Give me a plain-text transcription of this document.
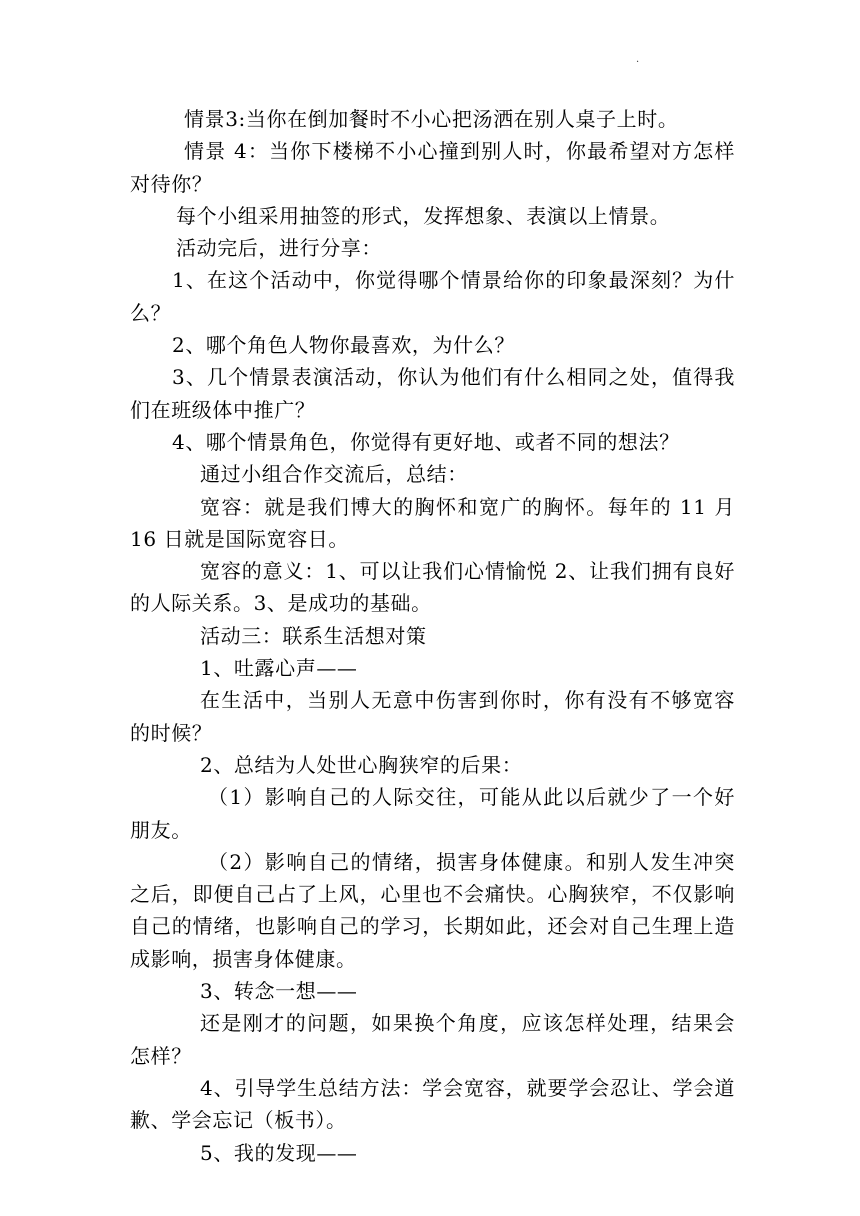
·

情景3:当你在倒加餐时不小心把汤洒在别人桌子上时。

情景 4：当你下楼梯不小心撞到别人时，你最希望对方怎样对待你？

每个小组采用抽签的形式，发挥想象、表演以上情景。

活动完后，进行分享：

1、在这个活动中，你觉得哪个情景给你的印象最深刻？为什么？

2、哪个角色人物你最喜欢，为什么？

3、几个情景表演活动，你认为他们有什么相同之处，值得我们在班级体中推广？

4、哪个情景角色，你觉得有更好地、或者不同的想法？

通过小组合作交流后，总结：

宽容：就是我们博大的胸怀和宽广的胸怀。每年的 11 月 16 日就是国际宽容日。

宽容的意义：1、可以让我们心情愉悦 2、让我们拥有良好的人际关系。3、是成功的基础。

活动三：联系生活想对策

1、吐露心声——

在生活中，当别人无意中伤害到你时，你有没有不够宽容的时候？

2、总结为人处世心胸狭窄的后果：

（1）影响自己的人际交往，可能从此以后就少了一个好朋友。

（2）影响自己的情绪，损害身体健康。和别人发生冲突之后，即便自己占了上风，心里也不会痛快。心胸狭窄，不仅影响自己的情绪，也影响自己的学习，长期如此，还会对自己生理上造成影响，损害身体健康。

3、转念一想——

还是刚才的问题，如果换个角度，应该怎样处理，结果会怎样？

4、引导学生总结方法：学会宽容，就要学会忍让、学会道歉、学会忘记（板书）。

5、我的发现——
